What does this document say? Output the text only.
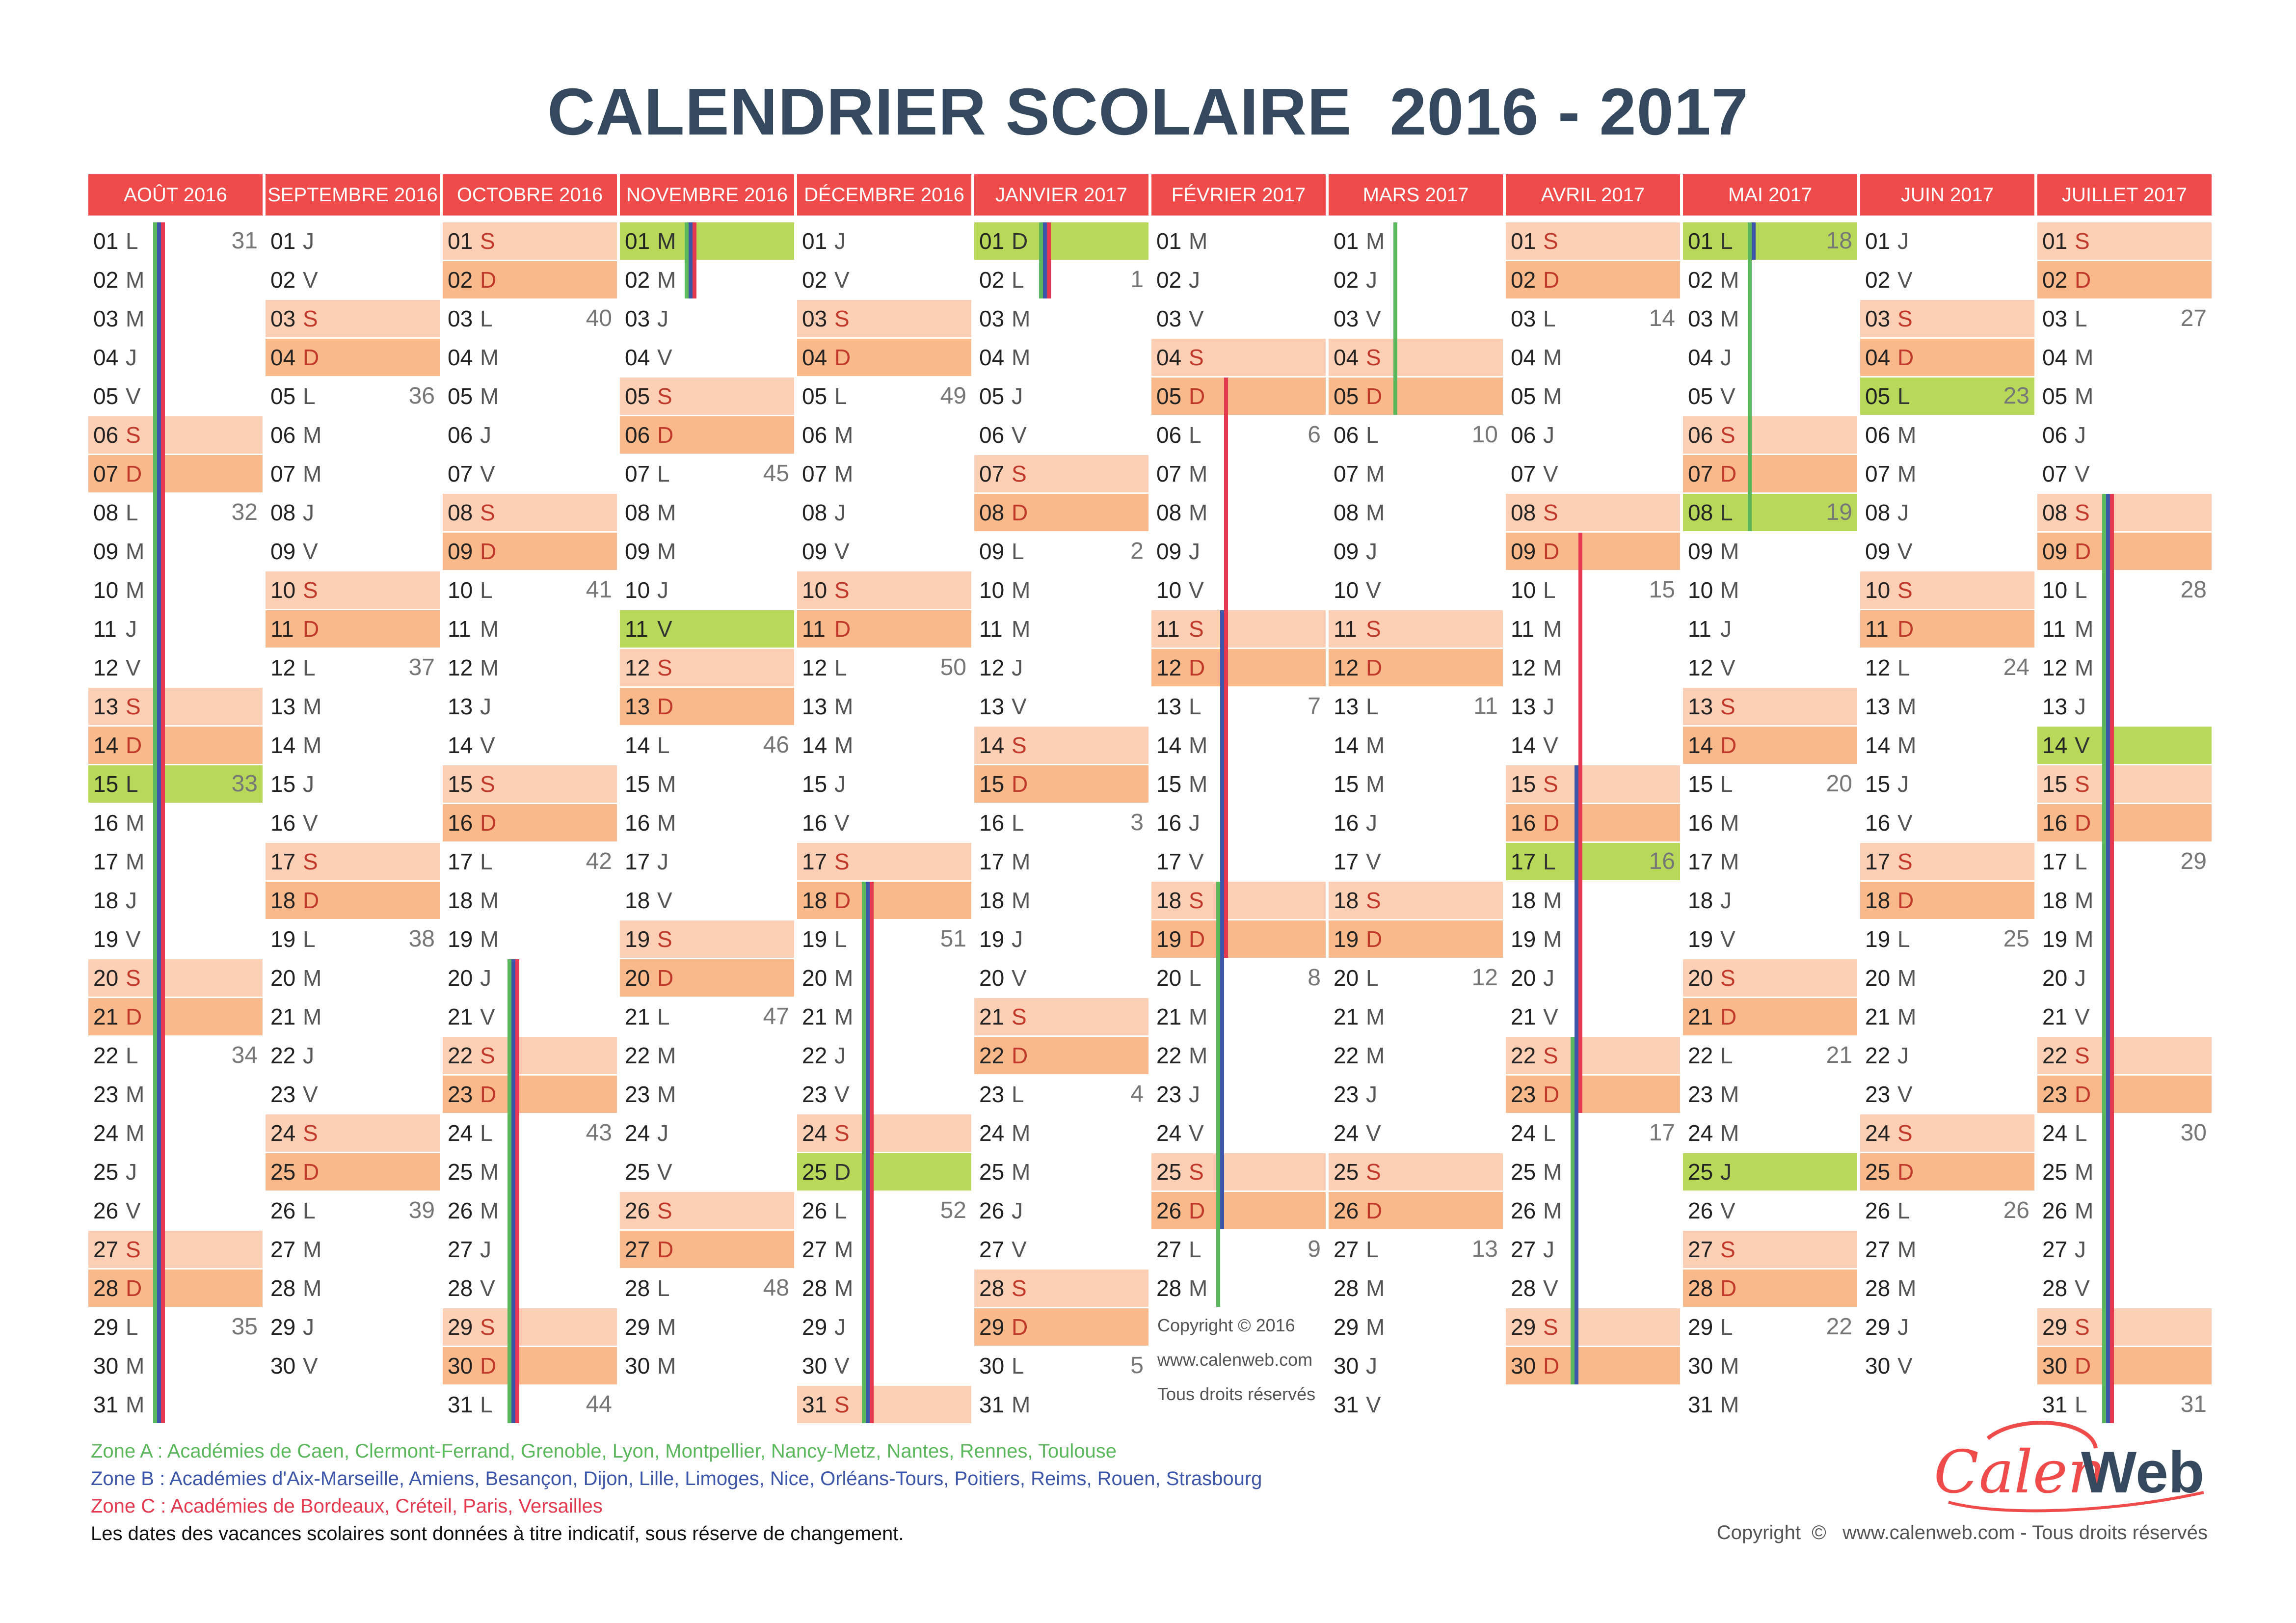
CALENDRIER SCOLAIRE  2016 - 2017
AOÛT 2016
01 L	31
02 M
03 M
04 J
05 V
06 S
07 D
08 L	32
09 M
10 M
11 J
12 V
13 S
14 D
15 L	33
16 M
17 M
18 J
19 V
20 S
21 D
22 L	34
23 M
24 M
25 J
26 V
27 S
28 D
29 L	35
30 M
31 M
SEPTEMBRE 2016
01 J
02 V
03 S
04 D
05 L	36
06 M
07 M
08 J
09 V
10 S
11 D
12 L	37
13 M
14 M
15 J
16 V
17 S
18 D
19 L	38
20 M
21 M
22 J
23 V
24 S
25 D
26 L	39
27 M
28 M
29 J
30 V
OCTOBRE 2016
01 S
02 D
03 L	40
04 M
05 M
06 J
07 V
08 S
09 D
10 L	41
11 M
12 M
13 J
14 V
15 S
16 D
17 L	42
18 M
19 M
20 J
21 V
22 S
23 D
24 L	43
25 M
26 M
27 J
28 V
29 S
30 D
31 L	44
NOVEMBRE 2016
01 M
02 M
03 J
04 V
05 S
06 D
07 L	45
08 M
09 M
10 J
11 V
12 S
13 D
14 L	46
15 M
16 M
17 J
18 V
19 S
20 D
21 L	47
22 M
23 M
24 J
25 V
26 S
27 D
28 L	48
29 M
30 M
DÉCEMBRE 2016
01 J
02 V
03 S
04 D
05 L	49
06 M
07 M
08 J
09 V
10 S
11 D
12 L	50
13 M
14 M
15 J
16 V
17 S
18 D
19 L	51
20 M
21 M
22 J
23 V
24 S
25 D
26 L	52
27 M
28 M
29 J
30 V
31 S
JANVIER 2017
01 D
02 L	1
03 M
04 M
05 J
06 V
07 S
08 D
09 L	2
10 M
11 M
12 J
13 V
14 S
15 D
16 L	3
17 M
18 M
19 J
20 V
21 S
22 D
23 L	4
24 M
25 M
26 J
27 V
28 S
29 D
30 L	5
31 M
FÉVRIER 2017
01 M
02 J
03 V
04 S
05 D
06 L	6
07 M
08 M
09 J
10 V
11 S
12 D
13 L	7
14 M
15 M
16 J
17 V
18 S
19 D
20 L	8
21 M
22 M
23 J
24 V
25 S
26 D
27 L	9
28 M
MARS 2017
01 M
02 J
03 V
04 S
05 D
06 L	10
07 M
08 M
09 J
10 V
11 S
12 D
13 L	11
14 M
15 M
16 J
17 V
18 S
19 D
20 L	12
21 M
22 M
23 J
24 V
25 S
26 D
27 L	13
28 M
29 M
30 J
31 V
AVRIL 2017
01 S
02 D
03 L	14
04 M
05 M
06 J
07 V
08 S
09 D
10 L	15
11 M
12 M
13 J
14 V
15 S
16 D
17 L	16
18 M
19 M
20 J
21 V
22 S
23 D
24 L	17
25 M
26 M
27 J
28 V
29 S
30 D
MAI 2017
01 L	18
02 M
03 M
04 J
05 V
06 S
07 D
08 L	19
09 M
10 M
11 J
12 V
13 S
14 D
15 L	20
16 M
17 M
18 J
19 V
20 S
21 D
22 L	21
23 M
24 M
25 J
26 V
27 S
28 D
29 L	22
30 M
31 M
JUIN 2017
01 J
02 V
03 S
04 D
05 L	23
06 M
07 M
08 J
09 V
10 S
11 D
12 L	24
13 M
14 M
15 J
16 V
17 S
18 D
19 L	25
20 M
21 M
22 J
23 V
24 S
25 D
26 L	26
27 M
28 M
29 J
30 V
JUILLET 2017
01 S
02 D
03 L	27
04 M
05 M
06 J
07 V
08 S
09 D
10 L	28
11 M
12 M
13 J
14 V
15 S
16 D
17 L	29
18 M
19 M
20 J
21 V
22 S
23 D
24 L	30
25 M
26 M
27 J
28 V
29 S
30 D
31 L	31
Copyright © 2016
www.calenweb.com
Tous droits réservés
Zone A : Académies de Caen, Clermont-Ferrand, Grenoble, Lyon, Montpellier, Nancy-Metz, Nantes, Rennes, Toulouse
Zone B : Académies d'Aix-Marseille, Amiens, Besançon, Dijon, Lille, Limoges, Nice, Orléans-Tours, Poitiers, Reims, Rouen, Strasbourg
Zone C : Académies de Bordeaux, Créteil, Paris, Versailles
Les dates des vacances scolaires sont données à titre indicatif, sous réserve de changement.
Calen
Web
Copyright  ©   www.calenweb.com - Tous droits réservés
